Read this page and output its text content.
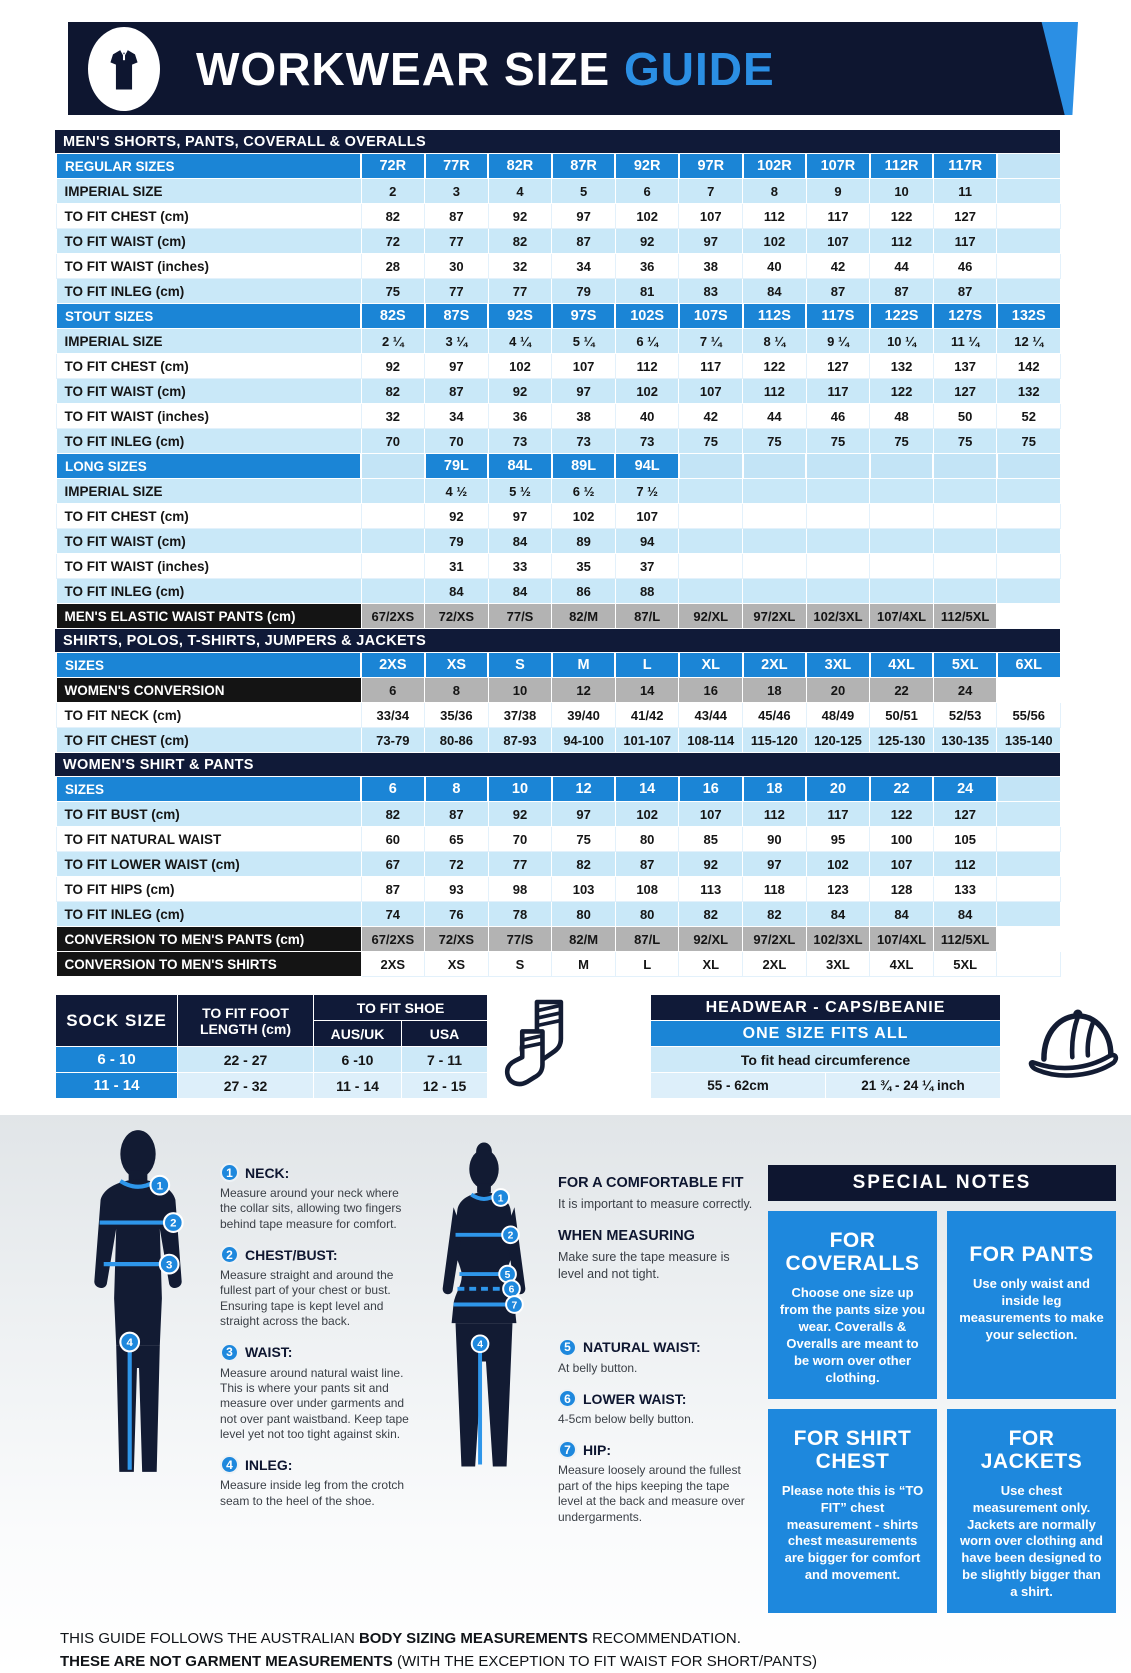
WORKWEAR SIZE GUIDE
MEN'S SHORTS, PANTS, COVERALL & OVERALLS
REGULAR SIZES	72R	77R	82R	87R	92R	97R	102R	107R	112R	117R	
IMPERIAL SIZE	2	3	4	5	6	7	8	9	10	11	
TO FIT CHEST (cm)	82	87	92	97	102	107	112	117	122	127	
TO FIT WAIST (cm)	72	77	82	87	92	97	102	107	112	117	
TO FIT WAIST (inches)	28	30	32	34	36	38	40	42	44	46	
TO FIT INLEG (cm)	75	77	77	79	81	83	84	87	87	87	
STOUT SIZES	82S	87S	92S	97S	102S	107S	112S	117S	122S	127S	132S
IMPERIAL SIZE	2 ¼	3 ¼	4 ¼	5 ¼	6 ¼	7 ¼	8 ¼	9 ¼	10 ¼	11 ¼	12 ¼
TO FIT CHEST (cm)	92	97	102	107	112	117	122	127	132	137	142
TO FIT WAIST (cm)	82	87	92	97	102	107	112	117	122	127	132
TO FIT WAIST (inches)	32	34	36	38	40	42	44	46	48	50	52
TO FIT INLEG (cm)	70	70	73	73	73	75	75	75	75	75	75
LONG SIZES		79L	84L	89L	94L						
IMPERIAL SIZE		4 ½	5 ½	6 ½	7 ½						
TO FIT CHEST (cm)		92	97	102	107						
TO FIT WAIST (cm)		79	84	89	94						
TO FIT WAIST (inches)		31	33	35	37						
TO FIT INLEG (cm)		84	84	86	88						
MEN'S ELASTIC WAIST PANTS (cm)	67/2XS	72/XS	77/S	82/M	87/L	92/XL	97/2XL	102/3XL	107/4XL	112/5XL	
SHIRTS, POLOS, T-SHIRTS, JUMPERS & JACKETS
SIZES	2XS	XS	S	M	L	XL	2XL	3XL	4XL	5XL	6XL
WOMEN'S CONVERSION	6	8	10	12	14	16	18	20	22	24	
TO FIT NECK (cm)	33/34	35/36	37/38	39/40	41/42	43/44	45/46	48/49	50/51	52/53	55/56
TO FIT CHEST (cm)	73-79	80-86	87-93	94-100	101-107	108-114	115-120	120-125	125-130	130-135	135-140
WOMEN'S SHIRT & PANTS
SIZES	6	8	10	12	14	16	18	20	22	24	
TO FIT BUST (cm)	82	87	92	97	102	107	112	117	122	127	
TO FIT NATURAL WAIST	60	65	70	75	80	85	90	95	100	105	
TO FIT LOWER WAIST (cm)	67	72	77	82	87	92	97	102	107	112	
TO FIT HIPS (cm)	87	93	98	103	108	113	118	123	128	133	
TO FIT INLEG (cm)	74	76	78	80	80	82	82	84	84	84	
CONVERSION TO MEN'S PANTS (cm)	67/2XS	72/XS	77/S	82/M	87/L	92/XL	97/2XL	102/3XL	107/4XL	112/5XL	
CONVERSION TO MEN'S SHIRTS	2XS	XS	S	M	L	XL	2XL	3XL	4XL	5XL	
SOCK SIZE	TO FIT FOOT LENGTH (cm)	TO FIT SHOE	
		AUS/UK	USA
6 - 10	22 - 27	6 -10	7 - 11
11 - 14	27 - 32	11 - 14	12 - 15
HEADWEAR - CAPS/BEANIE
ONE SIZE FITS ALL
To fit head circumference
55 - 62cm	21 ¾ - 24 ¼ inch
1
2
3
4
1 NECK:
Measure around your neck where the collar sits, allowing two fingers behind tape measure for comfort.
2 CHEST/BUST:
Measure straight and around the fullest part of your chest or bust. Ensuring tape is kept level and straight across the back.
3 WAIST:
Measure around natural waist line. This is where your pants sit and measure over under garments and not over pant waistband. Keep tape level yet not too tight against skin.
4 INLEG:
Measure inside leg from the crotch seam to the heel of the shoe.
1
2
5
6
7
4
FOR A COMFORTABLE FIT
It is important to measure correctly.
WHEN MEASURING
Make sure the tape measure is level and not tight.
5 NATURAL WAIST:
At belly button.
6 LOWER WAIST:
4-5cm below belly button.
7 HIP:
Measure loosely around the fullest part of the hips keeping the tape level at the back and measure over undergarments.
SPECIAL NOTES
FOR COVERALLS
Choose one size up from the pants size you wear. Coveralls & Overalls are meant to be worn over other clothing.
FOR PANTS
Use only waist and inside leg measurements to make your selection.
FOR SHIRT CHEST
Please note this is “TO FIT” chest measurement - shirts chest measurements are bigger for comfort and movement.
FOR JACKETS
Use chest measurement only. Jackets are normally worn over clothing and have been designed to be slightly bigger than a shirt.
THIS GUIDE FOLLOWS THE AUSTRALIAN BODY SIZING MEASUREMENTS RECOMMENDATION.
THESE ARE NOT GARMENT MEASUREMENTS (WITH THE EXCEPTION TO FIT WAIST FOR SHORT/PANTS)
